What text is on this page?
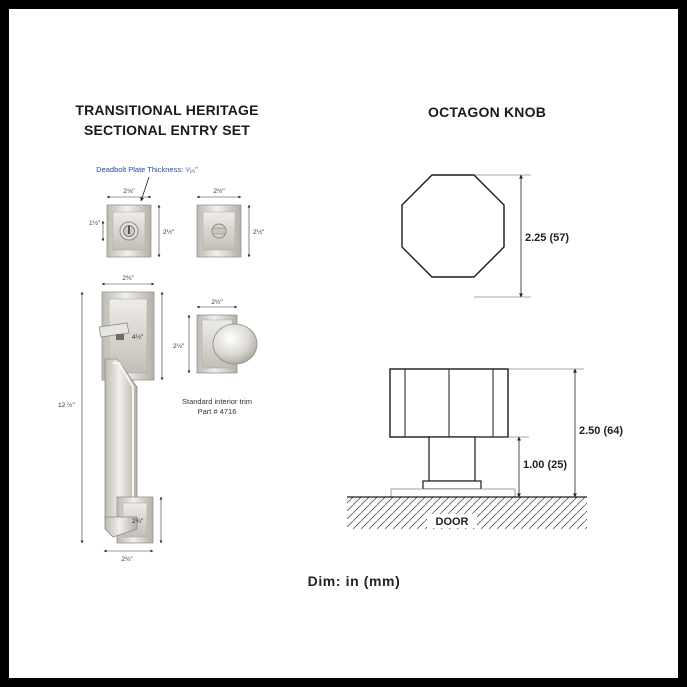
TRANSITIONAL HERITAGE
SECTIONAL ENTRY SET
OCTAGON KNOB
Deadbolt Plate Thickness: ⁵⁄₁₆"
2⅛"
2½"
1½"
2½"
2½"
2¾"
4½"
12 ½"
2¾"
2¾"
2½"
2½"
Standard interior trim
Part # 4716
2.25 (57)
DOOR
2.50 (64)
1.00 (25)
Dim: in (mm)
